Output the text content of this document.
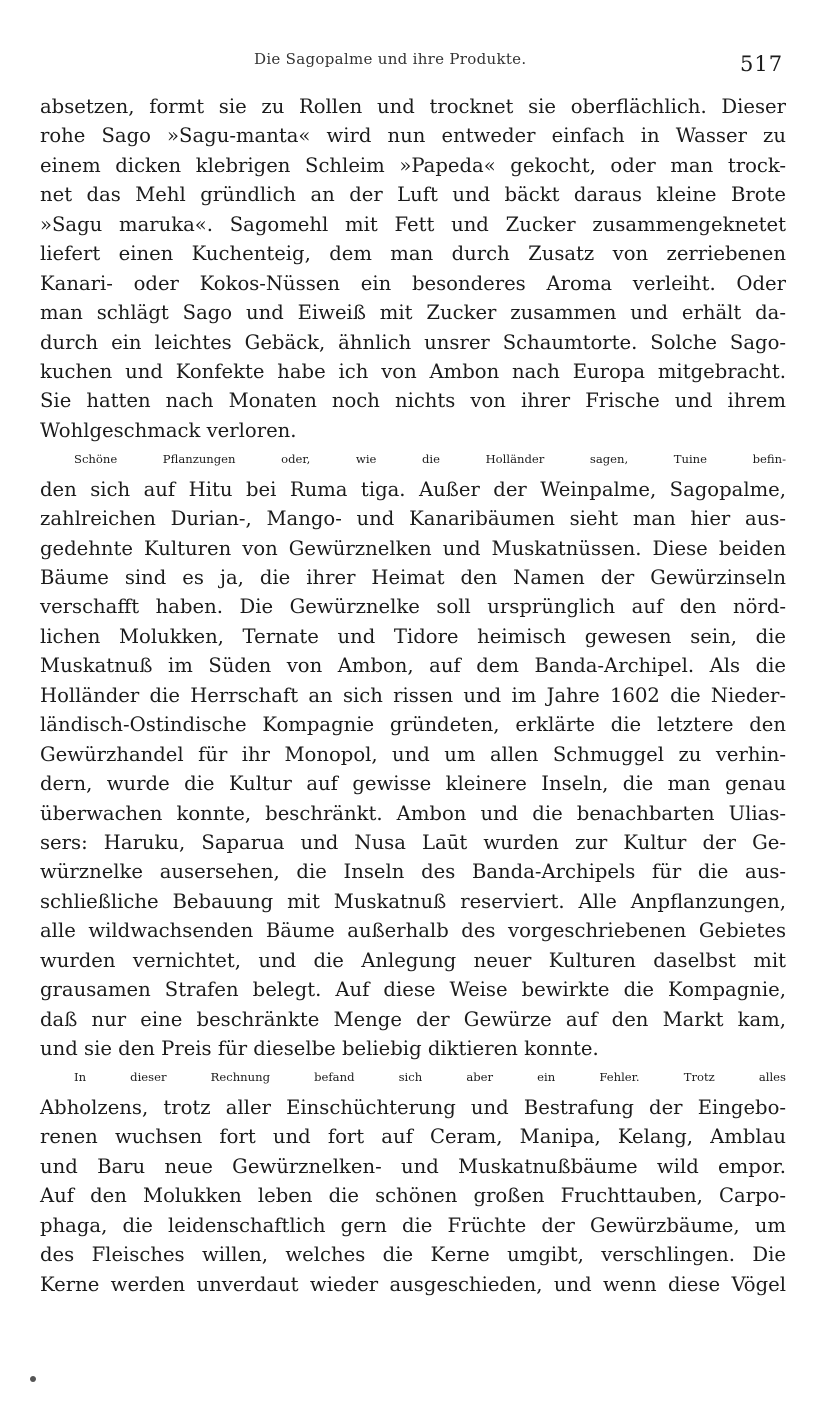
Die Sagopalme und ihre Produkte.	517
absetzen, formt sie zu Rollen und trocknet sie oberflächlich. Dieser
rohe Sago »Sagu-manta« wird nun entweder einfach in Wasser zu
einem dicken klebrigen Schleim »Papeda« gekocht, oder man trock-
net das Mehl gründlich an der Luft und bäckt daraus kleine Brote
»Sagu maruka«. Sagomehl mit Fett und Zucker zusammengeknetet
liefert einen Kuchenteig, dem man durch Zusatz von zerriebenen
Kanari- oder Kokos-Nüssen ein besonderes Aroma verleiht. Oder
man schlägt Sago und Eiweiß mit Zucker zusammen und erhält da-
durch ein leichtes Gebäck, ähnlich unsrer Schaumtorte. Solche Sago-
kuchen und Konfekte habe ich von Ambon nach Europa mitgebracht.
Sie hatten nach Monaten noch nichts von ihrer Frische und ihrem
Wohlgeschmack verloren.
Schöne Pflanzungen oder, wie die Holländer sagen, Tuine befin-
den sich auf Hitu bei Ruma tiga. Außer der Weinpalme, Sagopalme,
zahlreichen Durian-, Mango- und Kanaribäumen sieht man hier aus-
gedehnte Kulturen von Gewürznelken und Muskatnüssen. Diese beiden
Bäume sind es ja, die ihrer Heimat den Namen der Gewürzinseln
verschafft haben. Die Gewürznelke soll ursprünglich auf den nörd-
lichen Molukken, Ternate und Tidore heimisch gewesen sein, die
Muskatnuß im Süden von Ambon, auf dem Banda-Archipel. Als die
Holländer die Herrschaft an sich rissen und im Jahre 1602 die Nieder-
ländisch-Ostindische Kompagnie gründeten, erklärte die letztere den
Gewürzhandel für ihr Monopol, und um allen Schmuggel zu verhin-
dern, wurde die Kultur auf gewisse kleinere Inseln, die man genau
überwachen konnte, beschränkt. Ambon und die benachbarten Ulias-
sers: Haruku, Saparua und Nusa Laūt wurden zur Kultur der Ge-
würznelke ausersehen, die Inseln des Banda-Archipels für die aus-
schließliche Bebauung mit Muskatnuß reserviert. Alle Anpflanzungen,
alle wildwachsenden Bäume außerhalb des vorgeschriebenen Gebietes
wurden vernichtet, und die Anlegung neuer Kulturen daselbst mit
grausamen Strafen belegt. Auf diese Weise bewirkte die Kompagnie,
daß nur eine beschränkte Menge der Gewürze auf den Markt kam,
und sie den Preis für dieselbe beliebig diktieren konnte.
In dieser Rechnung befand sich aber ein Fehler. Trotz alles
Abholzens, trotz aller Einschüchterung und Bestrafung der Eingebo-
renen wuchsen fort und fort auf Ceram, Manipa, Kelang, Amblau
und Baru neue Gewürznelken- und Muskatnußbäume wild empor.
Auf den Molukken leben die schönen großen Fruchttauben, Carpo-
phaga, die leidenschaftlich gern die Früchte der Gewürzbäume, um
des Fleisches willen, welches die Kerne umgibt, verschlingen. Die
Kerne werden unverdaut wieder ausgeschieden, und wenn diese Vögel
